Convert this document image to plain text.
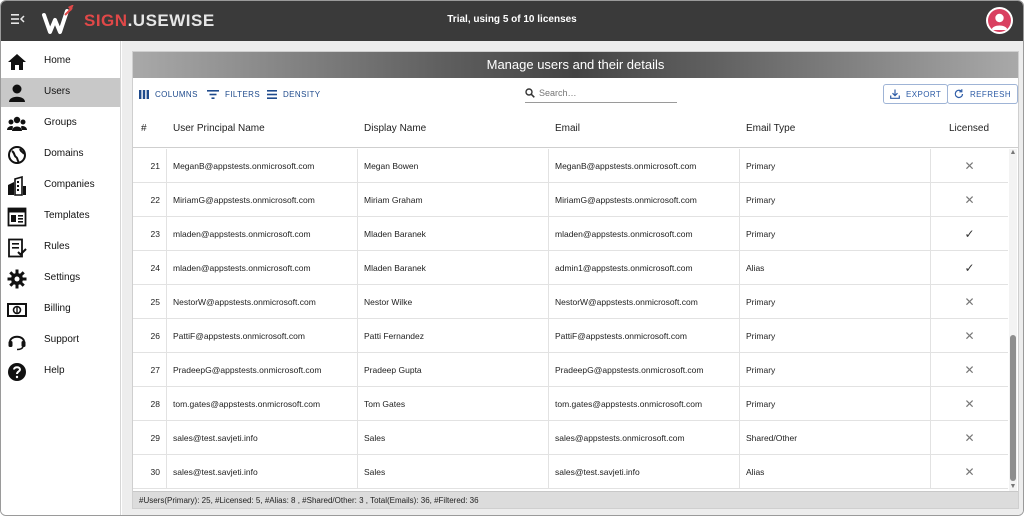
SIGN.USEWISE	Trial, using 5 of 10 licenses
Home
Users
Groups
Domains
Companies
Templates
Rules
Settings
Billing
Support
Help
Manage users and their details
COLUMNS	FILTERS	DENSITY
Search…	EXPORT	REFRESH
#	User Principal Name	Display Name	Email	Email Type	Licensed
21 MeganB@appstests.onmicrosoft.com	Megan Bowen	MeganB@appstests.onmicrosoft.com	Primary	✕
22 MiriamG@appstests.onmicrosoft.com	Miriam Graham	MiriamG@appstests.onmicrosoft.com	Primary	✕
23 mladen@appstests.onmicrosoft.com	Mladen Baranek	mladen@appstests.onmicrosoft.com	Primary	✓
24 mladen@appstests.onmicrosoft.com	Mladen Baranek	admin1@appstests.onmicrosoft.com	Alias	✓
25 NestorW@appstests.onmicrosoft.com	Nestor Wilke	NestorW@appstests.onmicrosoft.com	Primary	✕
26 PattiF@appstests.onmicrosoft.com	Patti Fernandez	PattiF@appstests.onmicrosoft.com	Primary	✕
27 PradeepG@appstests.onmicrosoft.com	Pradeep Gupta	PradeepG@appstests.onmicrosoft.com	Primary	✕
28 tom.gates@appstests.onmicrosoft.com	Tom Gates	tom.gates@appstests.onmicrosoft.com	Primary	✕
29 sales@test.savjeti.info	Sales	sales@appstests.onmicrosoft.com	Shared/Other	✕
30 sales@test.savjeti.info	Sales	sales@test.savjeti.info	Alias	✕
▲
▼
#Users(Primary): 25, #Licensed: 5, #Alias: 8 , #Shared/Other: 3 , Total(Emails): 36, #Filtered: 36
